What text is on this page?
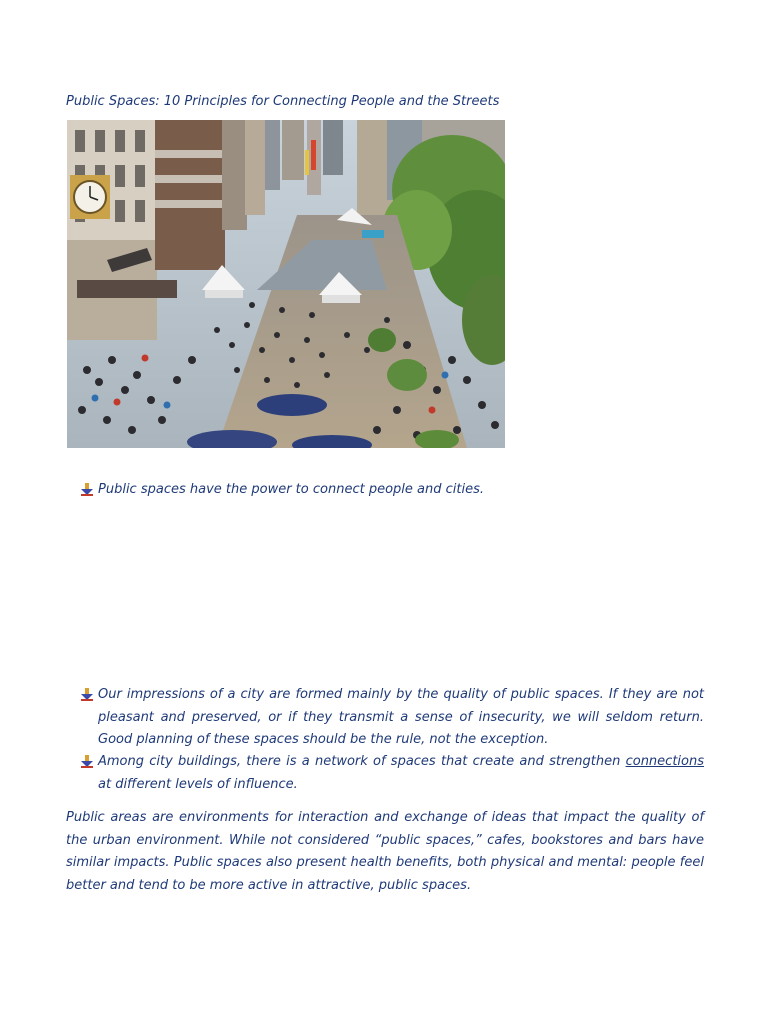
Public Spaces: 10 Principles for Connecting People and the Streets
Public spaces have the power to connect people and cities.
Our impressions of a city are formed mainly by the quality of public spaces. If they are not pleasant and preserved, or if they transmit a sense of insecurity, we will seldom return. Good planning of these spaces should be the rule, not the exception.
Among city buildings, there is a network of spaces that create and strengthen connections at different levels of influence.

Public areas are environments for interaction and exchange of ideas that impact the quality of the urban environment. While not considered “public spaces,” cafes, bookstores and bars have similar impacts. Public spaces also present health benefits, both physical and mental: people feel better and tend to be more active in attractive, public spaces.
